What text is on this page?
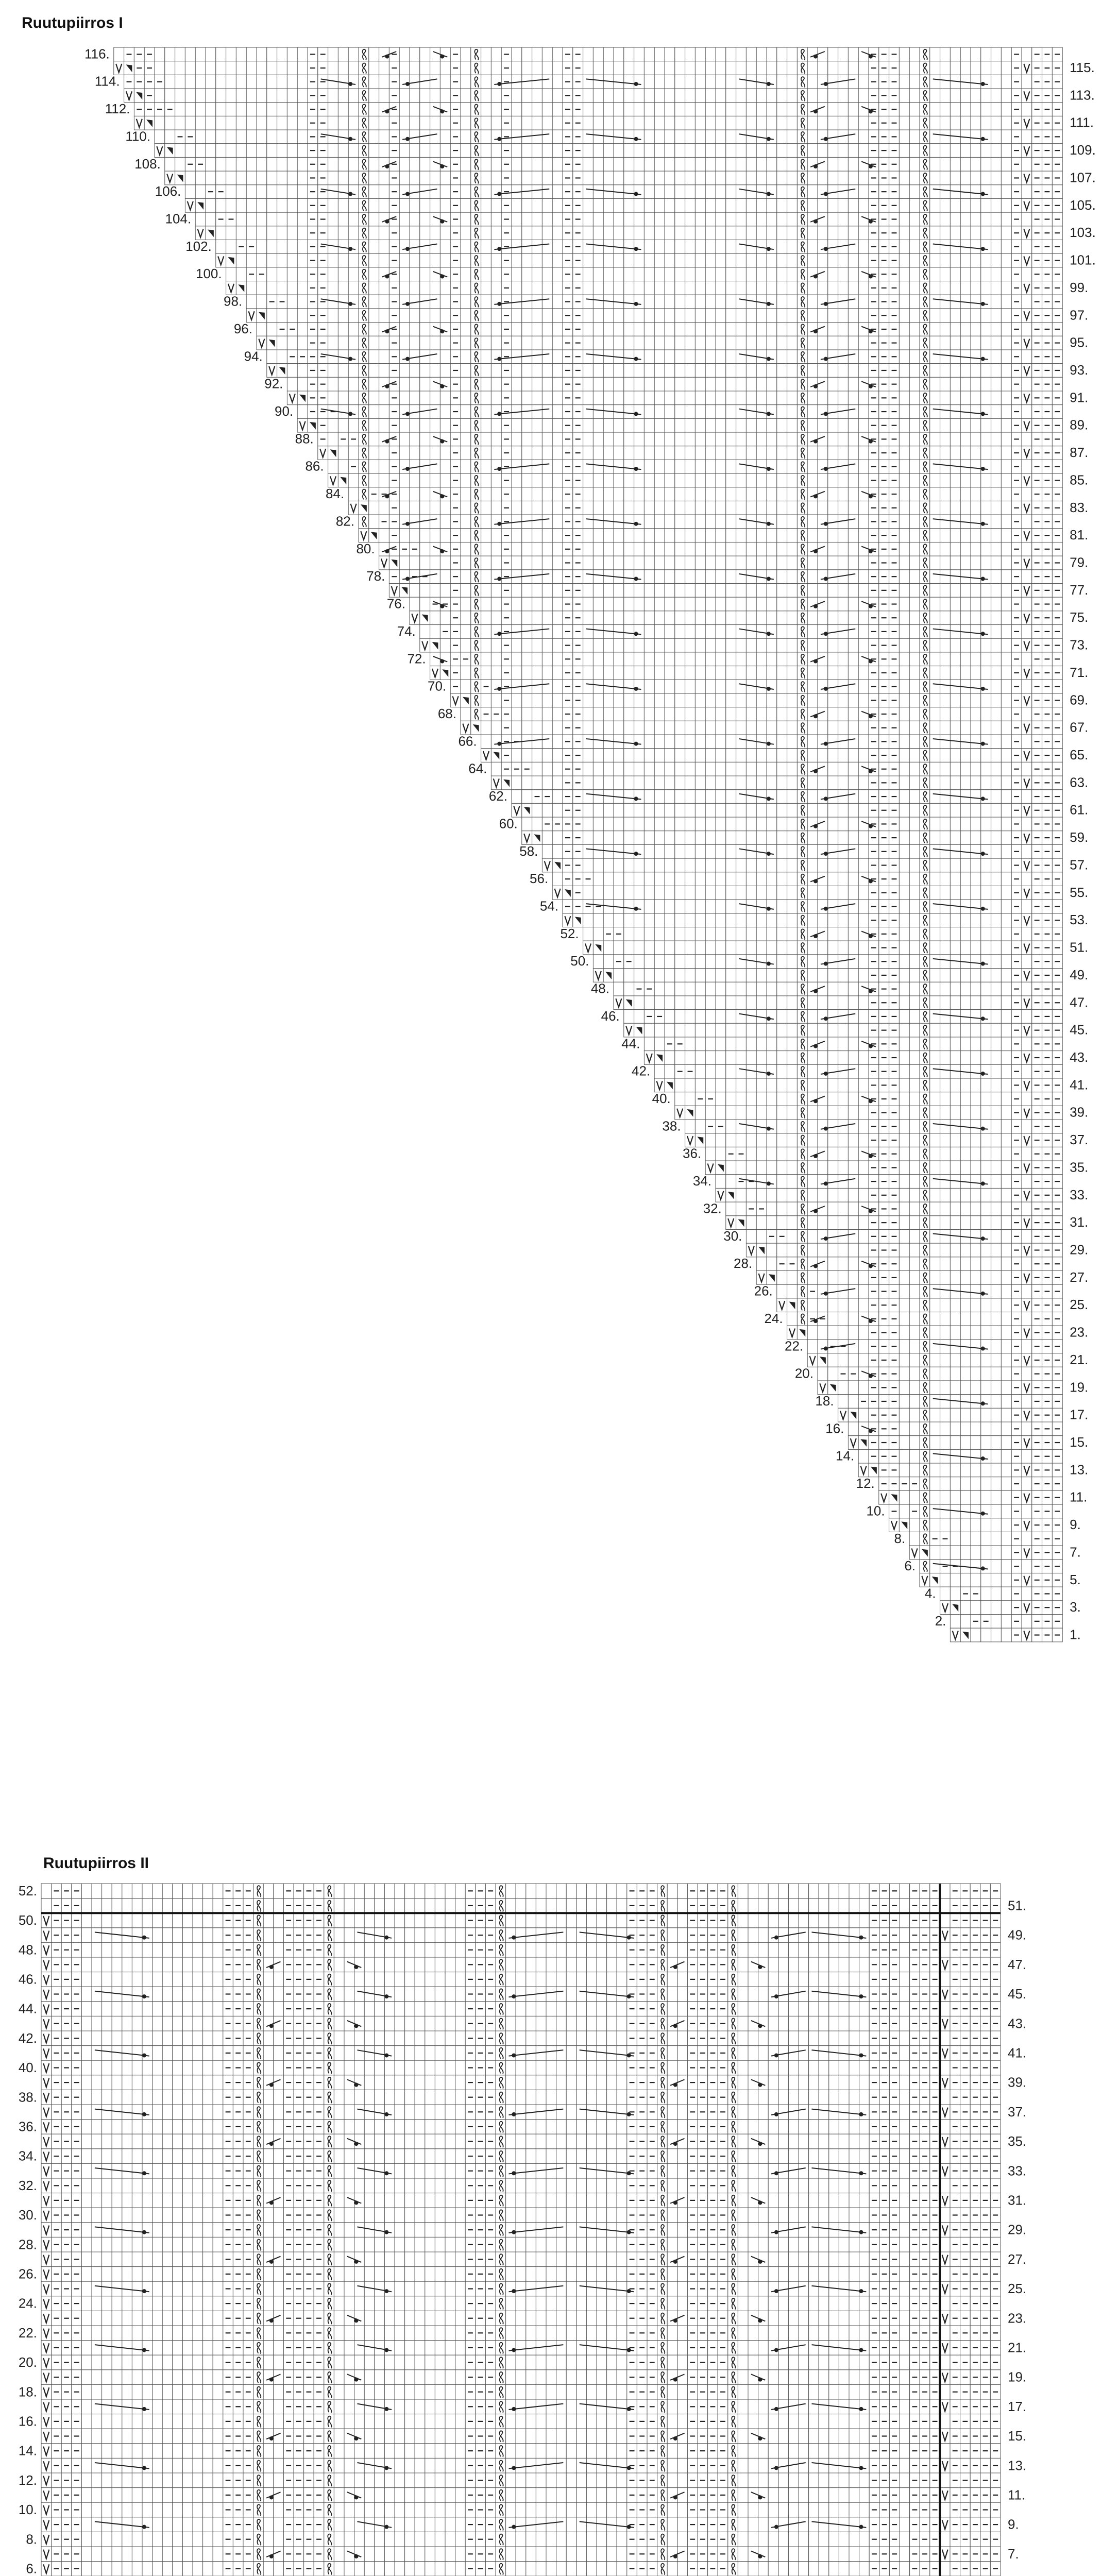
Ruutupiirros I
Ruutupiirros II
116.
114.
112.
110.
108.
106.
104.
102.
100.
98.
96.
94.
92.
90.
88.
86.
84.
82.
80.
78.
76.
74.
72.
70.
68.
66.
64.
62.
60.
58.
56.
54.
52.
50.
48.
46.
44.
42.
40.
38.
36.
34.
32.
30.
28.
26.
24.
22.
20.
18.
16.
14.
12.
10.
8.
6.
4.
2.
115.
113.
111.
109.
107.
105.
103.
101.
99.
97.
95.
93.
91.
89.
87.
85.
83.
81.
79.
77.
75.
73.
71.
69.
67.
65.
63.
61.
59.
57.
55.
53.
51.
49.
47.
45.
43.
41.
39.
37.
35.
33.
31.
29.
27.
25.
23.
21.
19.
17.
15.
13.
11.
9.
7.
5.
3.
1.
52.
50.
48.
46.
44.
42.
40.
38.
36.
34.
32.
30.
28.
26.
24.
22.
20.
18.
16.
14.
12.
10.
8.
6.
51.
49.
47.
45.
43.
41.
39.
37.
35.
33.
31.
29.
27.
25.
23.
21.
19.
17.
15.
13.
11.
9.
7.
